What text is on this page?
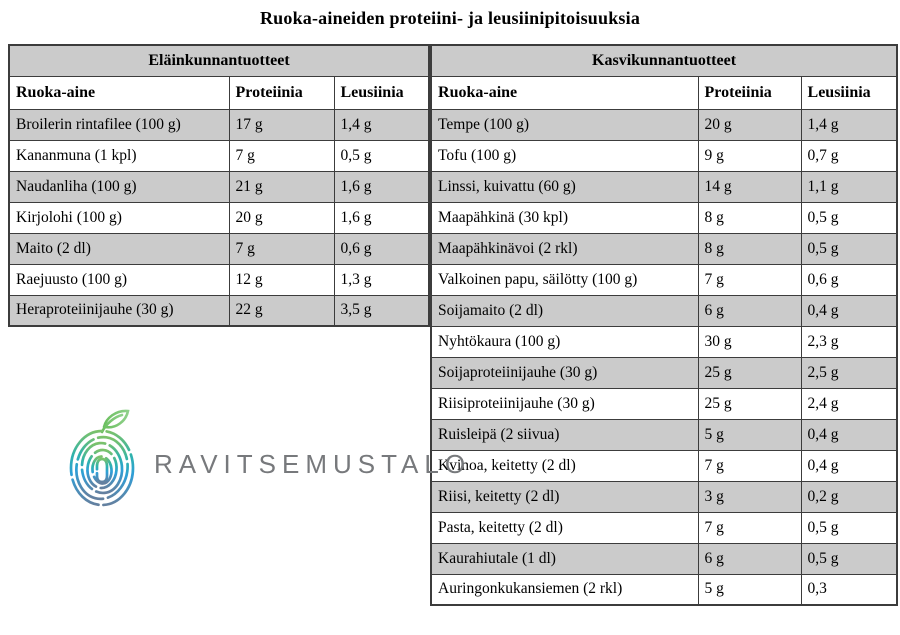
Ruoka-aineiden proteiini- ja leusiinipitoisuuksia
Eläinkunnantuotteet		
Ruoka-aine	Proteiinia	Leusiinia
Broilerin rintafilee (100 g)	17 g	1,4 g
Kananmuna (1 kpl)	7 g	0,5 g
Naudanliha (100 g)	21 g	1,6 g
Kirjolohi (100 g)	20 g	1,6 g
Maito (2 dl)	7 g	0,6 g
Raejuusto (100 g)	12 g	1,3 g
Heraproteiinijauhe (30 g)	22 g	3,5 g
Kasvikunnantuotteet		
Ruoka-aine	Proteiinia	Leusiinia
Tempe (100 g)	20 g	1,4 g
Tofu (100 g)	9 g	0,7 g
Linssi, kuivattu (60 g)	14 g	1,1 g
Maapähkinä (30 kpl)	8 g	0,5 g
Maapähkinävoi (2 rkl)	8 g	0,5 g
Valkoinen papu, säilötty (100 g)	7 g	0,6 g
Soijamaito (2 dl)	6 g	0,4 g
Nyhtökaura (100 g)	30 g	2,3 g
Soijaproteiinijauhe (30 g)	25 g	2,5 g
Riisiproteiinijauhe (30 g)	25 g	2,4 g
Ruisleipä (2 siivua)	5 g	0,4 g
Kvinoa, keitetty (2 dl)	7 g	0,4 g
Riisi, keitetty (2 dl)	3 g	0,2 g
Pasta, keitetty (2 dl)	7 g	0,5 g
Kaurahiutale (1 dl)	6 g	0,5 g
Auringonkukansiemen (2 rkl)	5 g	0,3
RAVITSEMUSTALO
